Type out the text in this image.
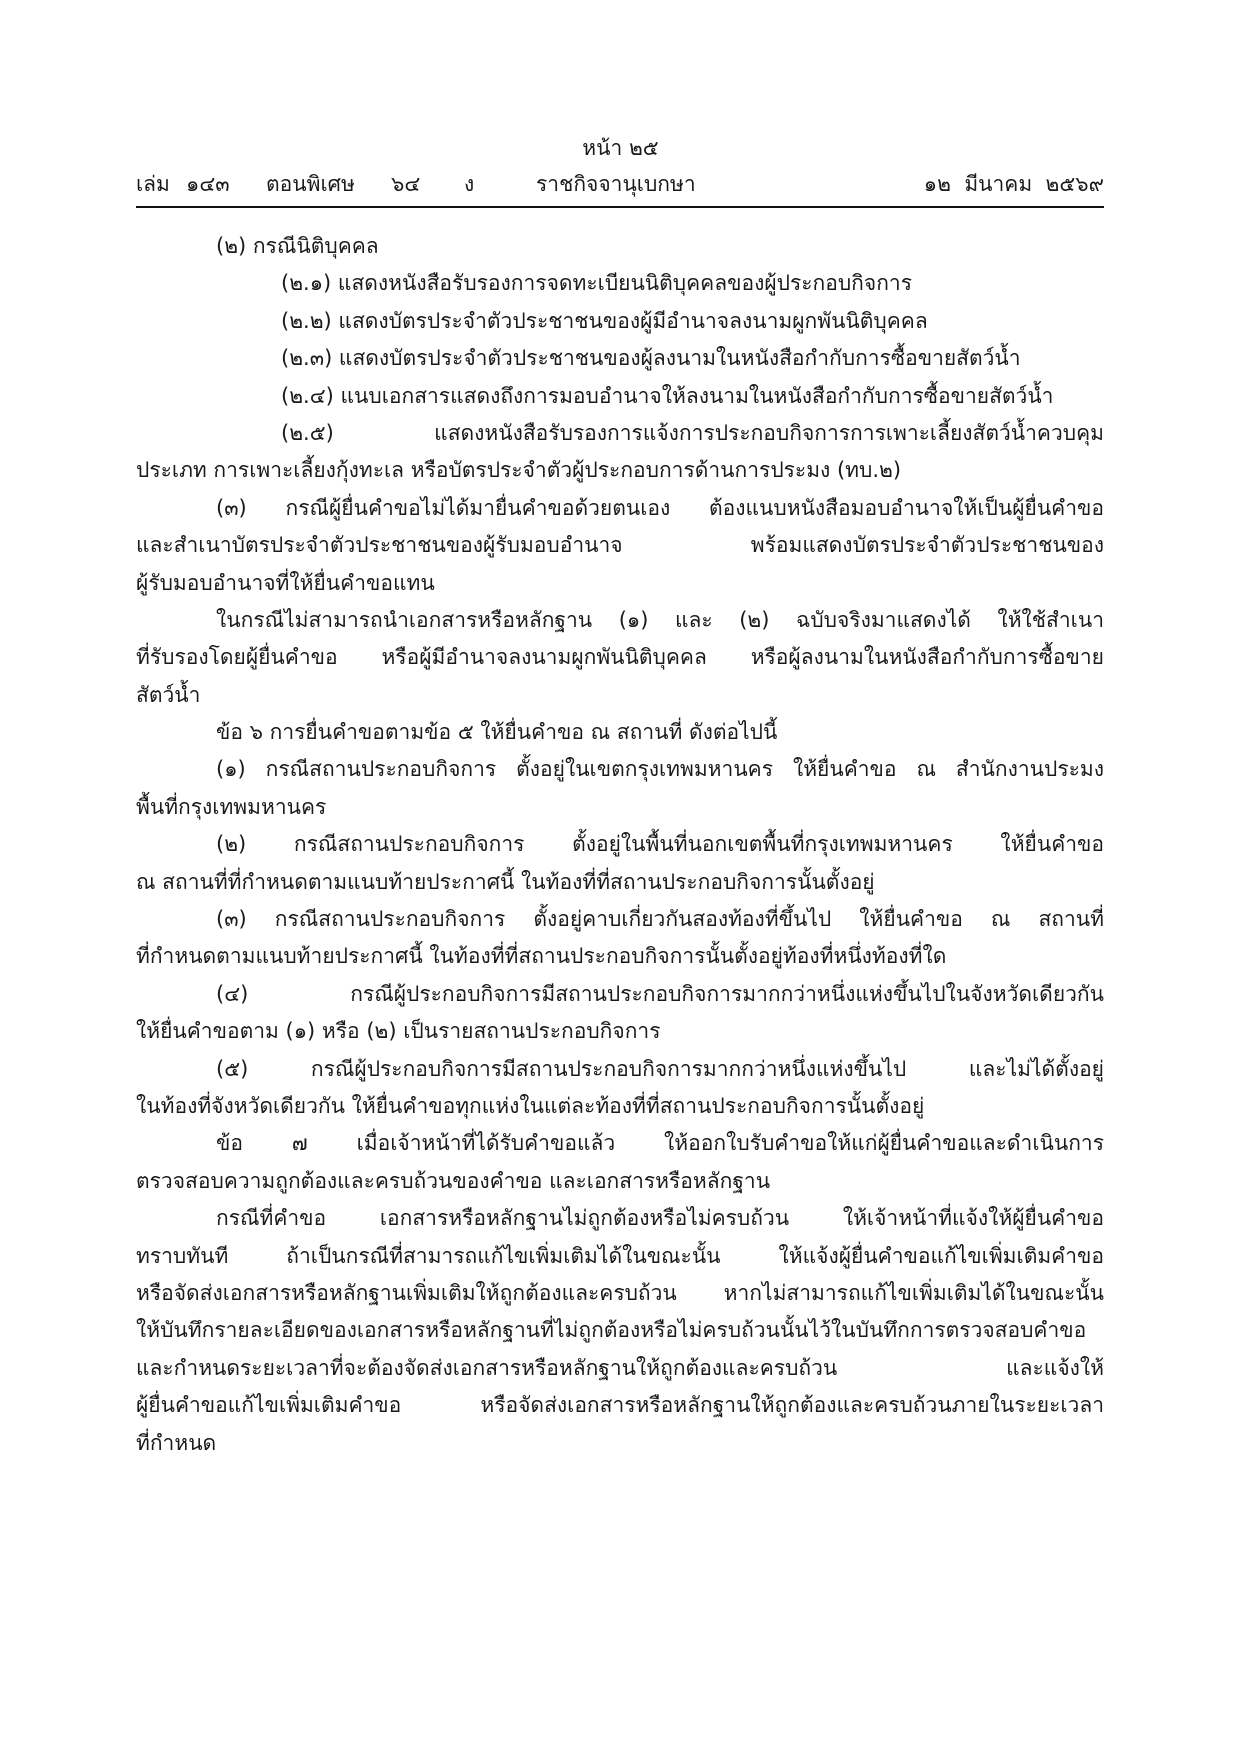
หน้า ๒๕
เล่ม ๑๔๓ ตอนพิเศษ ๖๔ ง	ราชกิจจานุเบกษา	๑๒  มีนาคม  ๒๕๖๙
(๒) กรณีนิติบุคคล
(๒.๑) แสดงหนังสือรับรองการจดทะเบียนนิติบุคคลของผู้ประกอบกิจการ
(๒.๒) แสดงบัตรประจำตัวประชาชนของผู้มีอำนาจลงนามผูกพันนิติบุคคล
(๒.๓) แสดงบัตรประจำตัวประชาชนของผู้ลงนามในหนังสือกำกับการซื้อขายสัตว์น้ำ
(๒.๔) แนบเอกสารแสดงถึงการมอบอำนาจให้ลงนามในหนังสือกำกับการซื้อขายสัตว์น้ำ
(๒.๕) แสดงหนังสือรับรองการแจ้งการประกอบกิจการการเพาะเลี้ยงสัตว์น้ำควบคุม
ประเภท การเพาะเลี้ยงกุ้งทะเล หรือบัตรประจำตัวผู้ประกอบการด้านการประมง (ทบ.๒)
(๓) กรณีผู้ยื่นคำขอไม่ได้มายื่นคำขอด้วยตนเอง ต้องแนบหนังสือมอบอำนาจให้เป็นผู้ยื่นคำขอ
และสำเนาบัตรประจำตัวประชาชนของผู้รับมอบอำนาจ พร้อมแสดงบัตรประจำตัวประชาชนของ
ผู้รับมอบอำนาจที่ให้ยื่นคำขอแทน
ในกรณีไม่สามารถนำเอกสารหรือหลักฐาน (๑) และ (๒) ฉบับจริงมาแสดงได้ ให้ใช้สำเนา
ที่รับรองโดยผู้ยื่นคำขอ หรือผู้มีอำนาจลงนามผูกพันนิติบุคคล หรือผู้ลงนามในหนังสือกำกับการซื้อขาย
สัตว์น้ำ
ข้อ ๖ การยื่นคำขอตามข้อ ๕ ให้ยื่นคำขอ ณ สถานที่ ดังต่อไปนี้
(๑) กรณีสถานประกอบกิจการ ตั้งอยู่ในเขตกรุงเทพมหานคร ให้ยื่นคำขอ ณ สำนักงานประมง
พื้นที่กรุงเทพมหานคร
(๒) กรณีสถานประกอบกิจการ ตั้งอยู่ในพื้นที่นอกเขตพื้นที่กรุงเทพมหานคร ให้ยื่นคำขอ
ณ สถานที่ที่กำหนดตามแนบท้ายประกาศนี้ ในท้องที่ที่สถานประกอบกิจการนั้นตั้งอยู่
(๓) กรณีสถานประกอบกิจการ ตั้งอยู่คาบเกี่ยวกันสองท้องที่ขึ้นไป ให้ยื่นคำขอ ณ สถานที่
ที่กำหนดตามแนบท้ายประกาศนี้ ในท้องที่ที่สถานประกอบกิจการนั้นตั้งอยู่ท้องที่หนึ่งท้องที่ใด
(๔) กรณีผู้ประกอบกิจการมีสถานประกอบกิจการมากกว่าหนึ่งแห่งขึ้นไปในจังหวัดเดียวกัน
ให้ยื่นคำขอตาม (๑) หรือ (๒) เป็นรายสถานประกอบกิจการ
(๕) กรณีผู้ประกอบกิจการมีสถานประกอบกิจการมากกว่าหนึ่งแห่งขึ้นไป และไม่ได้ตั้งอยู่
ในท้องที่จังหวัดเดียวกัน ให้ยื่นคำขอทุกแห่งในแต่ละท้องที่ที่สถานประกอบกิจการนั้นตั้งอยู่
ข้อ ๗ เมื่อเจ้าหน้าที่ได้รับคำขอแล้ว ให้ออกใบรับคำขอให้แก่ผู้ยื่นคำขอและดำเนินการ
ตรวจสอบความถูกต้องและครบถ้วนของคำขอ และเอกสารหรือหลักฐาน
กรณีที่คำขอ เอกสารหรือหลักฐานไม่ถูกต้องหรือไม่ครบถ้วน ให้เจ้าหน้าที่แจ้งให้ผู้ยื่นคำขอ
ทราบทันที ถ้าเป็นกรณีที่สามารถแก้ไขเพิ่มเติมได้ในขณะนั้น ให้แจ้งผู้ยื่นคำขอแก้ไขเพิ่มเติมคำขอ
หรือจัดส่งเอกสารหรือหลักฐานเพิ่มเติมให้ถูกต้องและครบถ้วน หากไม่สามารถแก้ไขเพิ่มเติมได้ในขณะนั้น
ให้บันทึกรายละเอียดของเอกสารหรือหลักฐานที่ไม่ถูกต้องหรือไม่ครบถ้วนนั้นไว้ในบันทึกการตรวจสอบคำขอ
และกำหนดระยะเวลาที่จะต้องจัดส่งเอกสารหรือหลักฐานให้ถูกต้องและครบถ้วน และแจ้งให้
ผู้ยื่นคำขอแก้ไขเพิ่มเติมคำขอ หรือจัดส่งเอกสารหรือหลักฐานให้ถูกต้องและครบถ้วนภายในระยะเวลา
ที่กำหนด
